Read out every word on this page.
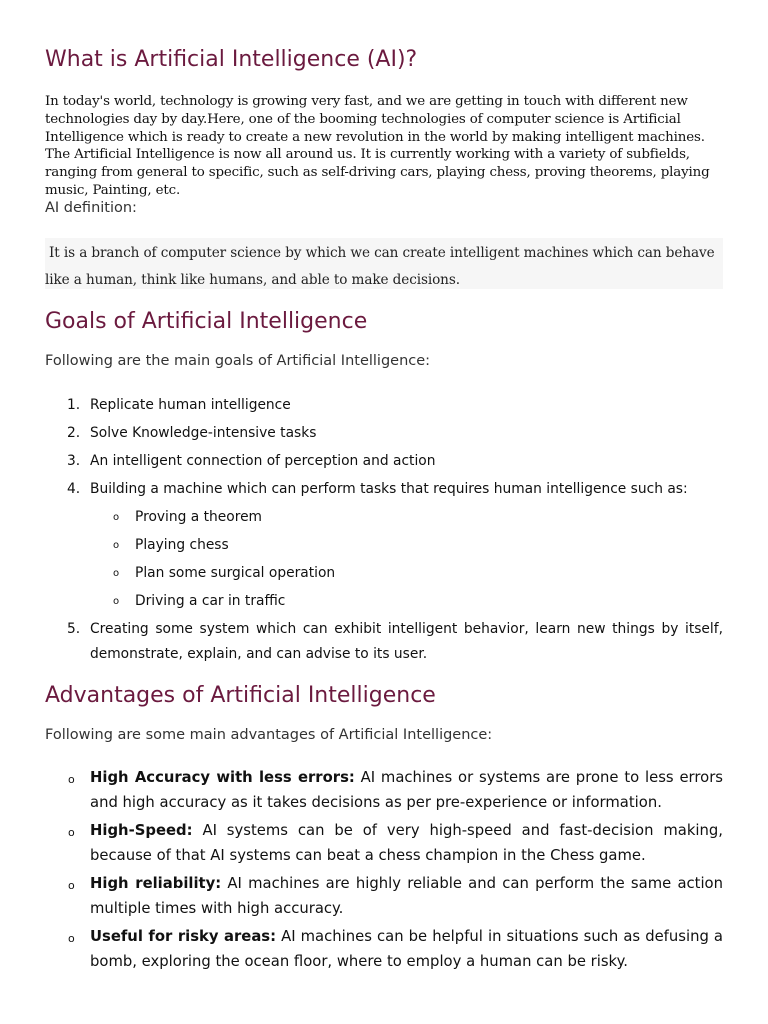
What is Artificial Intelligence (AI)?

In today's world, technology is growing very fast, and we are getting in touch with different new technologies day by day.Here, one of the booming technologies of computer science is Artificial Intelligence which is ready to create a new revolution in the world by making intelligent machines. The Artificial Intelligence is now all around us. It is currently working with a variety of subfields, ranging from general to specific, such as self-driving cars, playing chess, proving theorems, playing music, Painting, etc.

AI definition:
It is a branch of computer science by which we can create intelligent machines which can behave like a human, think like humans, and able to make decisions.
Goals of Artificial Intelligence
Following are the main goals of Artificial Intelligence:
1. Replicate human intelligence
2. Solve Knowledge-intensive tasks
3. An intelligent connection of perception and action
4. Building a machine which can perform tasks that requires human intelligence such as:
o Proving a theorem
o Playing chess
o Plan some surgical operation
o Driving a car in traffic
5. Creating some system which can exhibit intelligent behavior, learn new things by itself, demonstrate, explain, and can advise to its user.
Advantages of Artificial Intelligence
Following are some main advantages of Artificial Intelligence:
o High Accuracy with less errors: AI machines or systems are prone to less errors and high accuracy as it takes decisions as per pre-experience or information.
o High-Speed: AI systems can be of very high-speed and fast-decision making, because of that AI systems can beat a chess champion in the Chess game.
o High reliability: AI machines are highly reliable and can perform the same action multiple times with high accuracy.
o Useful for risky areas: AI machines can be helpful in situations such as defusing a bomb, exploring the ocean floor, where to employ a human can be risky.
